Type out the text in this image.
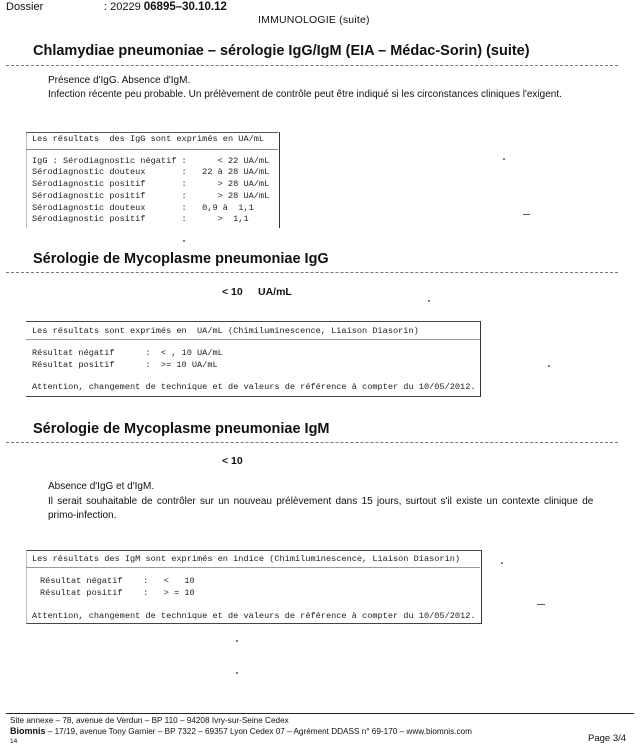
Dossier	: 20229 06895–30.10.12
IMMUNOLOGIE (suite)
Chlamydiae pneumoniae – sérologie IgG/IgM (EIA – Médac-Sorin) (suite)
Présence d'IgG. Absence d'IgM.
Infection récente peu probable. Un prélèvement de contrôle peut être indiqué si les circonstances cliniques l'exigent.
Les résultats  des IgG sont exprimés en UA/mL
IgG : Sérodiagnostic négatif :      < 22 UA/mL
Sérodiagnostic douteux       :   22 à 28 UA/mL
Sérodiagnostic positif       :      > 28 UA/mL
Sérodiagnostic positif       :      > 28 UA/mL
Sérodiagnostic douteux       :   0,9 à  1,1
Sérodiagnostic positif       :      >  1,1
Sérologie de Mycoplasme pneumoniae IgG
< 10 UA/mL
Les résultats sont exprimés en  UA/mL (Chimiluminescence, Liaison Diasorin)
Résultat négatif      :  < , 10 UA/mL
Résultat positif      :  >= 10 UA/mL
Attention, changement de technique et de valeurs de référence à compter du 10/05/2012.
Sérologie de Mycoplasme pneumoniae IgM
< 10
Absence d'IgG et d'IgM.
Il serait souhaitable de contrôler sur un nouveau prélèvement dans 15 jours, surtout s'il existe un contexte clinique de
primo-infection.
Les résultats des IgM sont exprimés en indice (Chimiluminescence, Liaison Diasorin)
Résultat négatif    :   <   10
Résultat positif    :   > = 10
Attention, changement de technique et de valeurs de référence à compter du 10/05/2012.
Site annexe – 78, avenue de Verdun – BP 110 – 94208 Ivry-sur-Seine Cedex
Biomnis – 17/19, avenue Tony Garnier – BP 7322 – 69357 Lyon Cedex 07 – Agrément DDASS n° 69-170 – www.biomnis.com
14	Page 3/4
